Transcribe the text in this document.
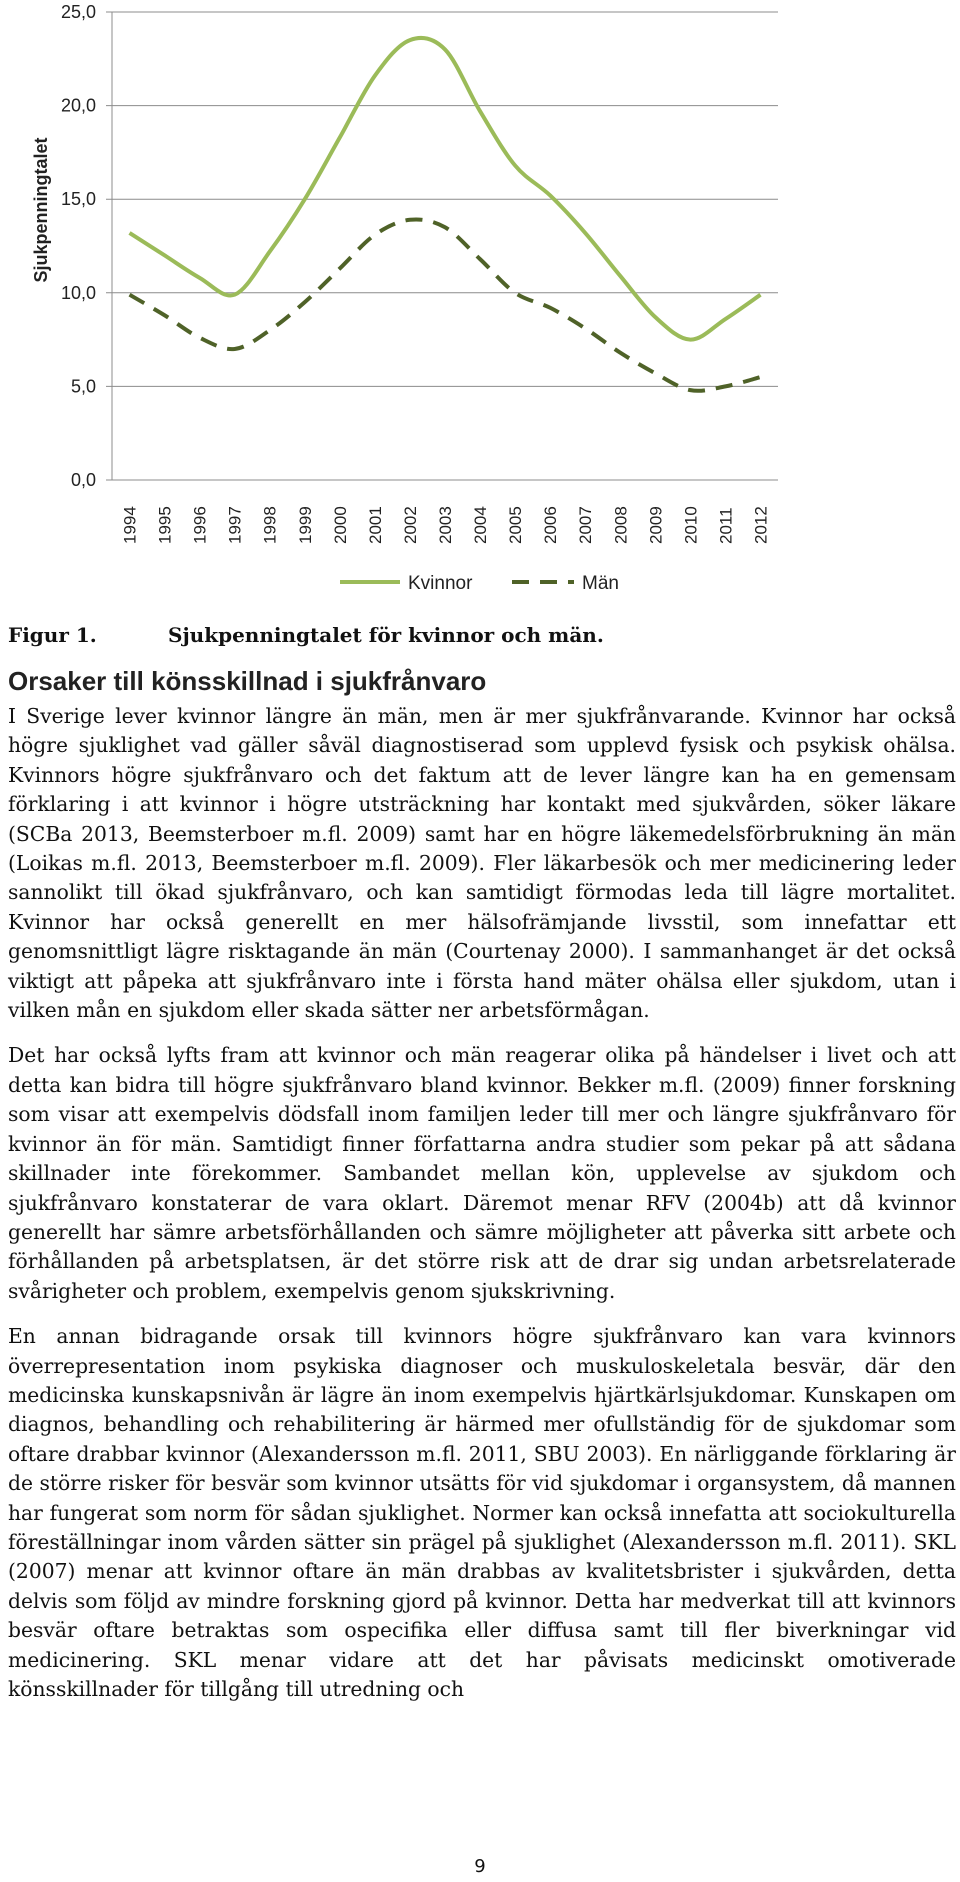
Sjukpenningtalet
0,0
5,0
10,0
15,0
20,0
25,0
1994 1995 1996 1997 1998 1999 2000 2001 2002 2003 2004 2005 2006 2007 2008 2009 2010 2011 2012
Kvinnor	Män
Figur 1.	Sjukpenningtalet för kvinnor och män.
Orsaker till könsskillnad i sjukfrånvaro

I Sverige lever kvinnor längre än män, men är mer sjukfrånvarande. Kvinnor har också högre sjuklighet vad gäller såväl diagnostiserad som upplevd fysisk och psykisk ohälsa. Kvinnors högre sjukfrånvaro och det faktum att de lever längre kan ha en gemensam förklaring i att kvinnor i högre utsträckning har kontakt med sjukvården, söker läkare (SCBa 2013, Beemsterboer m.fl. 2009) samt har en högre läkemedelsförbrukning än män (Loikas m.fl. 2013, Beemsterboer m.fl. 2009). Fler läkarbesök och mer medicinering leder sannolikt till ökad sjukfrånvaro, och kan samtidigt förmodas leda till lägre mortalitet. Kvinnor har också generellt en mer hälsofrämjande livsstil, som innefattar ett genomsnittligt lägre risktagande än män (Courtenay 2000). I sammanhanget är det också viktigt att påpeka att sjukfrånvaro inte i första hand mäter ohälsa eller sjukdom, utan i vilken mån en sjukdom eller skada sätter ner arbetsförmågan.

Det har också lyfts fram att kvinnor och män reagerar olika på händelser i livet och att detta kan bidra till högre sjukfrånvaro bland kvinnor. Bekker m.fl. (2009) finner forskning som visar att exempelvis dödsfall inom familjen leder till mer och längre sjukfrånvaro för kvinnor än för män. Samtidigt finner författarna andra studier som pekar på att sådana skillnader inte förekommer. Sambandet mellan kön, upplevelse av sjukdom och sjukfrånvaro konstaterar de vara oklart. Däremot menar RFV (2004b) att då kvinnor generellt har sämre arbetsförhållanden och sämre möjligheter att påverka sitt arbete och förhållanden på arbetsplatsen, är det större risk att de drar sig undan arbetsrelaterade svårigheter och problem, exempelvis genom sjukskrivning.

En annan bidragande orsak till kvinnors högre sjukfrånvaro kan vara kvinnors överrepresentation inom psykiska diagnoser och muskuloskeletala besvär, där den medicinska kunskapsnivån är lägre än inom exempelvis hjärtkärlsjukdomar. Kunskapen om diagnos, behandling och rehabilitering är härmed mer ofullständig för de sjukdomar som oftare drabbar kvinnor (Alexandersson m.fl. 2011, SBU 2003). En närliggande förklaring är de större risker för besvär som kvinnor utsätts för vid sjukdomar i organsystem, då mannen har fungerat som norm för sådan sjuklighet. Normer kan också innefatta att sociokulturella föreställningar inom vården sätter sin prägel på sjuklighet (Alexandersson m.fl. 2011). SKL (2007) menar att kvinnor oftare än män drabbas av kvalitetsbrister i sjukvården, detta delvis som följd av mindre forskning gjord på kvinnor. Detta har medverkat till att kvinnors besvär oftare betraktas som ospecifika eller diffusa samt till fler biverkningar vid medicinering. SKL menar vidare att det har påvisats medicinskt omotiverade könsskillnader för tillgång till utredning och

9
